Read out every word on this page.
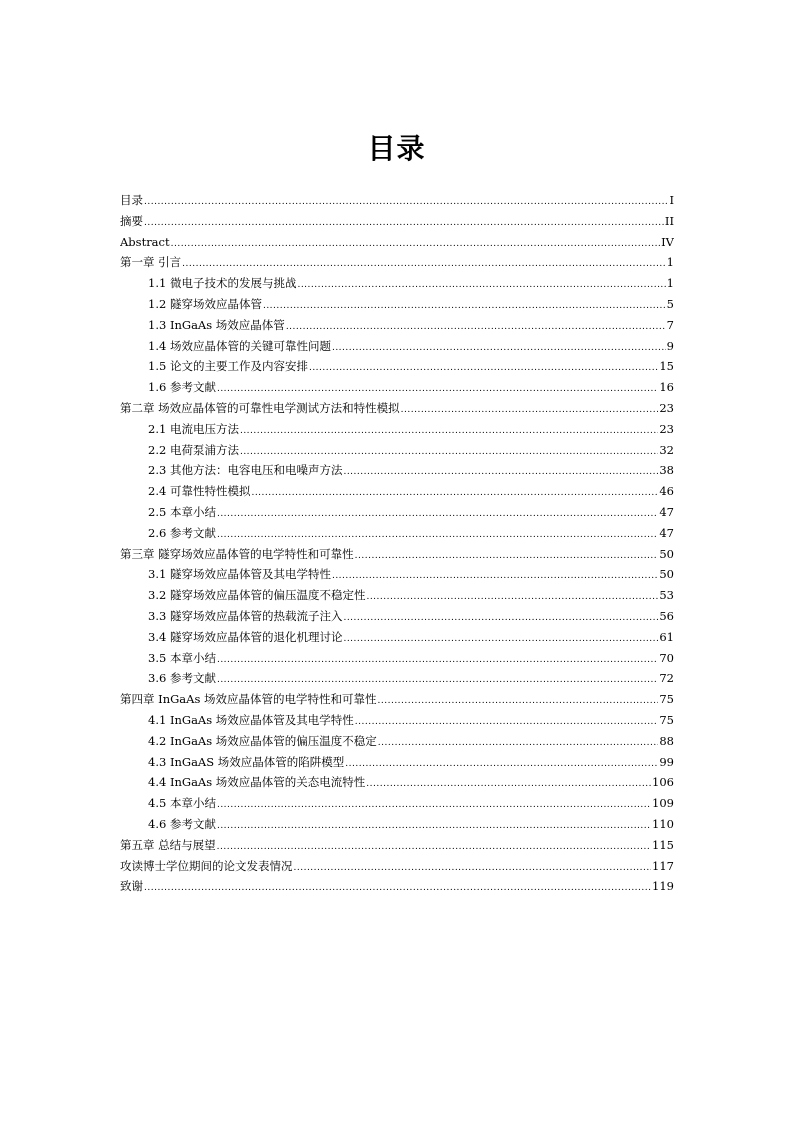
目录
目录 .....	I
摘要 .....	II
Abstract .....	IV
第一章 引言 .....	1
1.1 微电子技术的发展与挑战 .....	1
1.2 隧穿场效应晶体管 .....	5
1.3 InGaAs 场效应晶体管 .....	7
1.4 场效应晶体管的关键可靠性问题 .....	9
1.5 论文的主要工作及内容安排 .....	15
1.6 参考文献 .....	16
第二章 场效应晶体管的可靠性电学测试方法和特性模拟 .....	23
2.1 电流电压方法 .....	23
2.2 电荷泵浦方法 .....	32
2.3 其他方法：电容电压和电噪声方法 .....	38
2.4 可靠性特性模拟 .....	46
2.5 本章小结 .....	47
2.6 参考文献 .....	47
第三章 隧穿场效应晶体管的电学特性和可靠性 .....	50
3.1 隧穿场效应晶体管及其电学特性 .....	50
3.2 隧穿场效应晶体管的偏压温度不稳定性 .....	53
3.3 隧穿场效应晶体管的热载流子注入 .....	56
3.4 隧穿场效应晶体管的退化机理讨论 .....	61
3.5 本章小结 .....	70
3.6 参考文献 .....	72
第四章 InGaAs 场效应晶体管的电学特性和可靠性 .....	75
4.1 InGaAs 场效应晶体管及其电学特性 .....	75
4.2 InGaAs 场效应晶体管的偏压温度不稳定 .....	88
4.3 InGaAS 场效应晶体管的陷阱模型 .....	99
4.4 InGaAs 场效应晶体管的关态电流特性 .....	106
4.5 本章小结 .....	109
4.6 参考文献 .....	110
第五章 总结与展望 .....	115
攻读博士学位期间的论文发表情况 .....	117
致谢 .....	119
